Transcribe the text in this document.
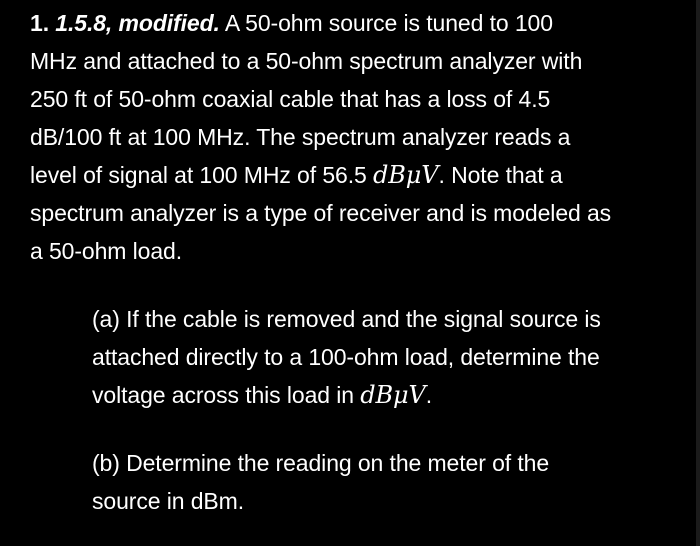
1. 1.5.8, modified. A 50-ohm source is tuned to 100
MHz and attached to a 50-ohm spectrum analyzer with
250 ft of 50-ohm coaxial cable that has a loss of 4.5
dB/100 ft at 100 MHz. The spectrum analyzer reads a
level of signal at 100 MHz of 56.5 dBμV. Note that a
spectrum analyzer is a type of receiver and is modeled as
a 50-ohm load.
(a) If the cable is removed and the signal source is
attached directly to a 100-ohm load, determine the
voltage across this load in dBμV.
(b) Determine the reading on the meter of the
source in dBm.
